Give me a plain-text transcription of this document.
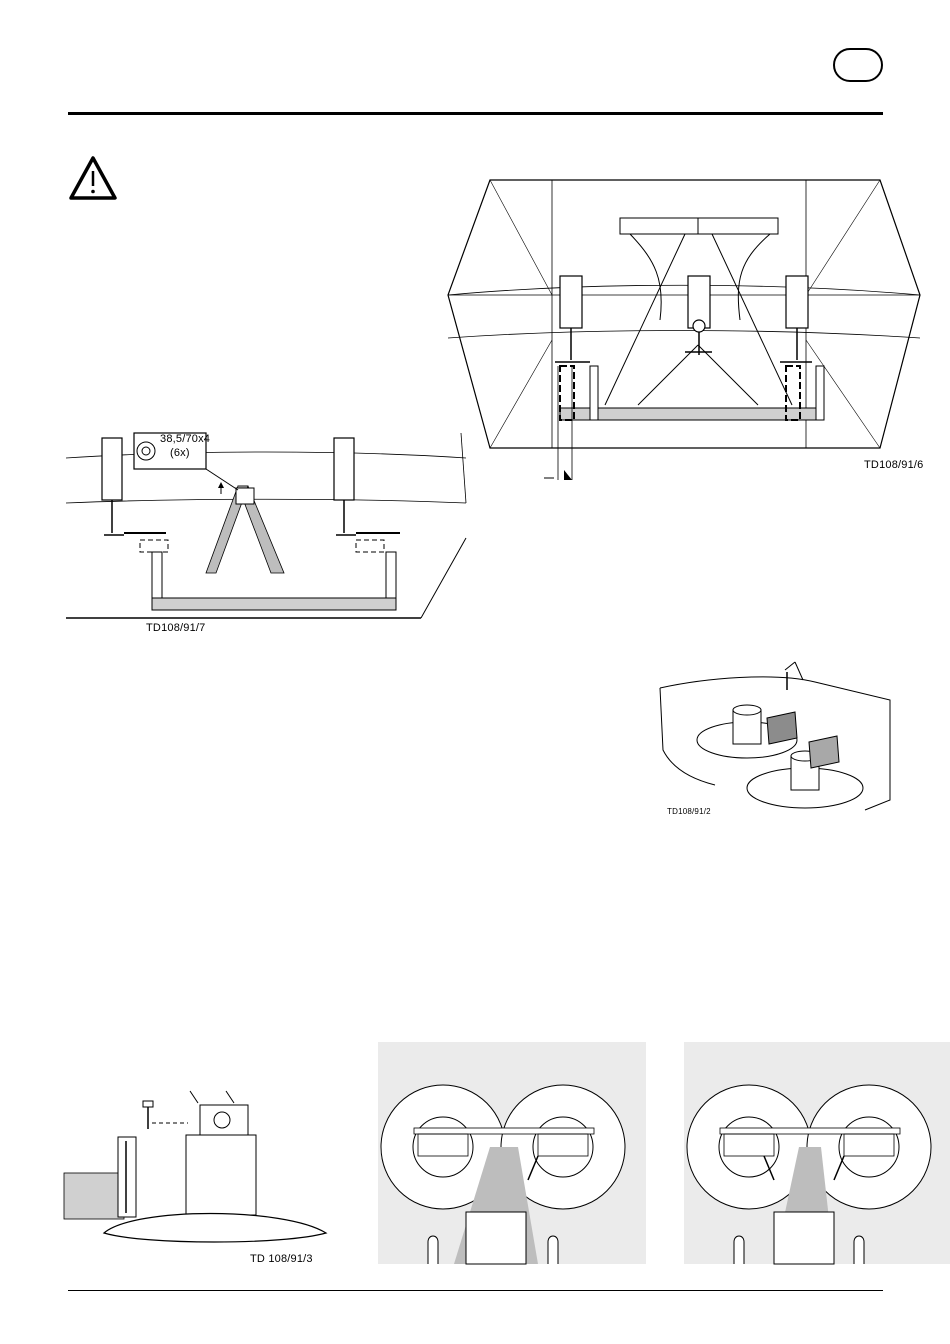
TD108/91/6
38,5/70x4
(6x)
TD108/91/7
TD108/91/2
TD 108/91/3
